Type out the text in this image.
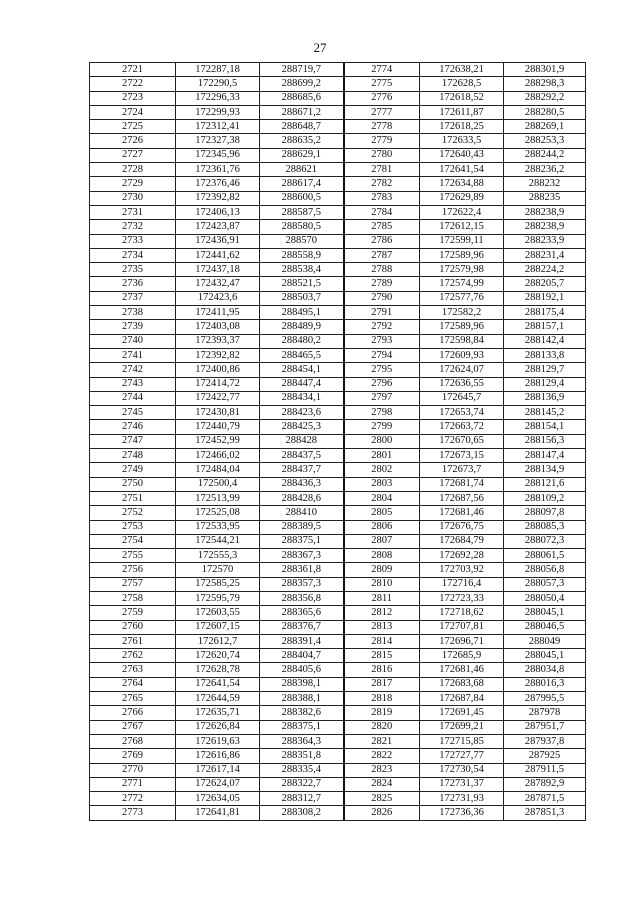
27
2721	172287,18	288719,7	2774	172638,21	288301,9
2722	172290,5	288699,2	2775	172628,5	288298,3
2723	172296,33	288685,6	2776	172618,52	288292,2
2724	172299,93	288671,2	2777	172611,87	288280,5
2725	172312,41	288648,7	2778	172618,25	288269,1
2726	172327,38	288635,2	2779	172633,5	288253,3
2727	172345,96	288629,1	2780	172640,43	288244,2
2728	172361,76	288621	2781	172641,54	288236,2
2729	172376,46	288617,4	2782	172634,88	288232
2730	172392,82	288600,5	2783	172629,89	288235
2731	172406,13	288587,5	2784	172622,4	288238,9
2732	172423,87	288580,5	2785	172612,15	288238,9
2733	172436,91	288570	2786	172599,11	288233,9
2734	172441,62	288558,9	2787	172589,96	288231,4
2735	172437,18	288538,4	2788	172579,98	288224,2
2736	172432,47	288521,5	2789	172574,99	288205,7
2737	172423,6	288503,7	2790	172577,76	288192,1
2738	172411,95	288495,1	2791	172582,2	288175,4
2739	172403,08	288489,9	2792	172589,96	288157,1
2740	172393,37	288480,2	2793	172598,84	288142,4
2741	172392,82	288465,5	2794	172609,93	288133,8
2742	172400,86	288454,1	2795	172624,07	288129,7
2743	172414,72	288447,4	2796	172636,55	288129,4
2744	172422,77	288434,1	2797	172645,7	288136,9
2745	172430,81	288423,6	2798	172653,74	288145,2
2746	172440,79	288425,3	2799	172663,72	288154,1
2747	172452,99	288428	2800	172670,65	288156,3
2748	172466,02	288437,5	2801	172673,15	288147,4
2749	172484,04	288437,7	2802	172673,7	288134,9
2750	172500,4	288436,3	2803	172681,74	288121,6
2751	172513,99	288428,6	2804	172687,56	288109,2
2752	172525,08	288410	2805	172681,46	288097,8
2753	172533,95	288389,5	2806	172676,75	288085,3
2754	172544,21	288375,1	2807	172684,79	288072,3
2755	172555,3	288367,3	2808	172692,28	288061,5
2756	172570	288361,8	2809	172703,92	288056,8
2757	172585,25	288357,3	2810	172716,4	288057,3
2758	172595,79	288356,8	2811	172723,33	288050,4
2759	172603,55	288365,6	2812	172718,62	288045,1
2760	172607,15	288376,7	2813	172707,81	288046,5
2761	172612,7	288391,4	2814	172696,71	288049
2762	172620,74	288404,7	2815	172685,9	288045,1
2763	172628,78	288405,6	2816	172681,46	288034,8
2764	172641,54	288398,1	2817	172683,68	288016,3
2765	172644,59	288388,1	2818	172687,84	287995,5
2766	172635,71	288382,6	2819	172691,45	287978
2767	172626,84	288375,1	2820	172699,21	287951,7
2768	172619,63	288364,3	2821	172715,85	287937,8
2769	172616,86	288351,8	2822	172727,77	287925
2770	172617,14	288335,4	2823	172730,54	287911,5
2771	172624,07	288322,7	2824	172731,37	287892,9
2772	172634,05	288312,7	2825	172731,93	287871,5
2773	172641,81	288308,2	2826	172736,36	287851,3
